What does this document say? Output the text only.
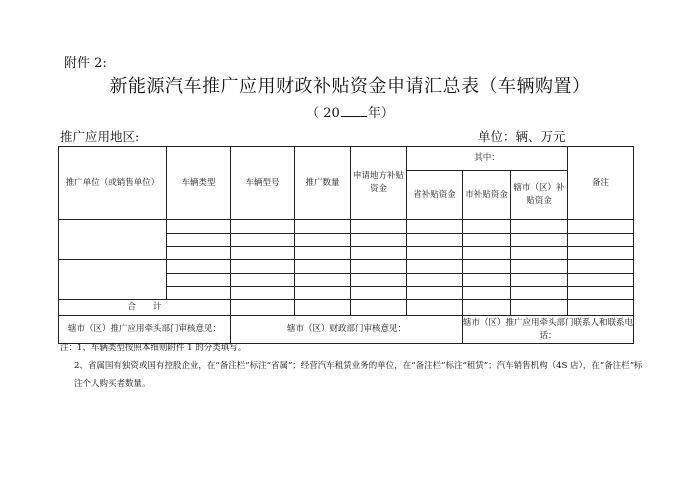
附件 2:
新能源汽车推广应用财政补贴资金申请汇总表（车辆购置）
（ 20 年）
推广应用地区:	单位：辆、万元
推广单位（或销售单位）	车辆类型	车辆型号	推广数量	申请地方补贴资金	其中：			备注
					省补贴资金	市补贴资金	辖市（区）补贴资金	

合　　计								
辖市（区）推广应用牵头部门审核意见：		辖市（区）财政部门审核意见：				辖市（区）推广应用牵头部门联系人和联系电话：		
注：1、车辆类型按照本细则附件 1 的分类填写。
2、省属国有独资或国有控股企业，在“备注栏”标注“省属”；经营汽车租赁业务的单位，在“备注栏”标注“租赁”；汽车销售机构（4S 店），在“备注栏”标注个人购买者数量。
